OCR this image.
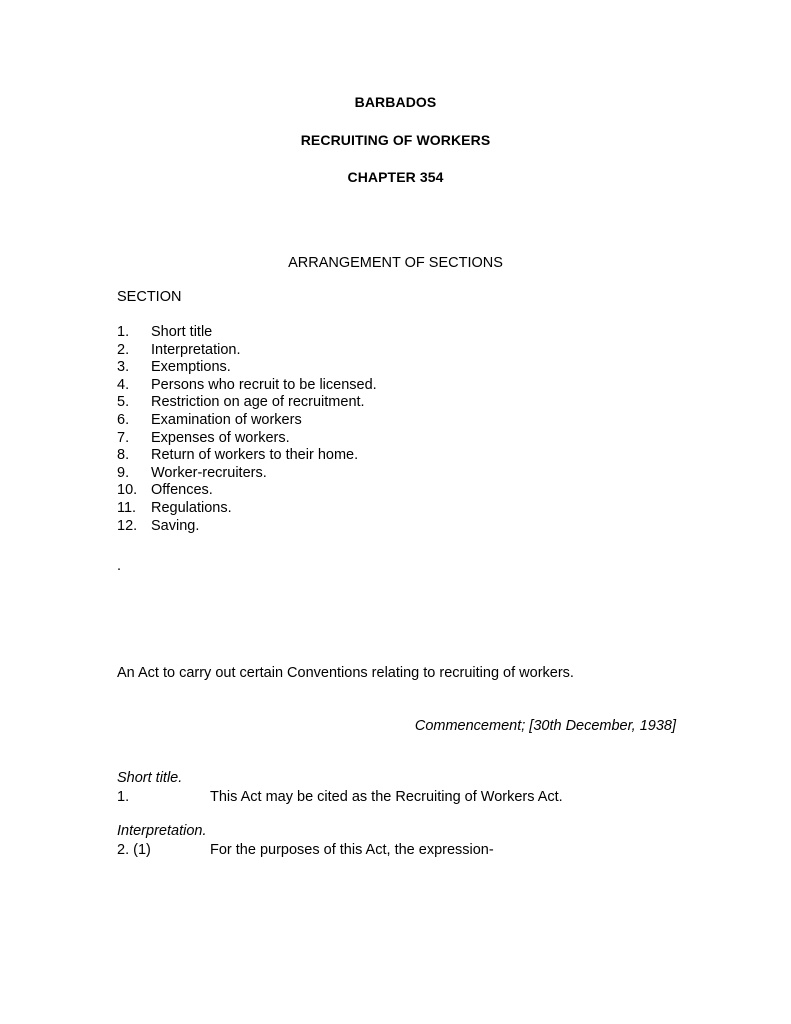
BARBADOS
RECRUITING OF WORKERS
CHAPTER 354
ARRANGEMENT OF SECTIONS
SECTION
1. Short title
2. Interpretation.
3. Exemptions.
4. Persons who recruit to be licensed.
5. Restriction on age of recruitment.
6. Examination of workers
7. Expenses of workers.
8. Return of workers to their home.
9. Worker-recruiters.
10. Offences.
11. Regulations.
12. Saving.
.
An Act to carry out certain Conventions relating to recruiting of workers.
Commencement; [30th December, 1938]
Short title.
1.	This Act may be cited as the Recruiting of Workers Act.
Interpretation.
2. (1)	For the purposes of this Act, the expression-
